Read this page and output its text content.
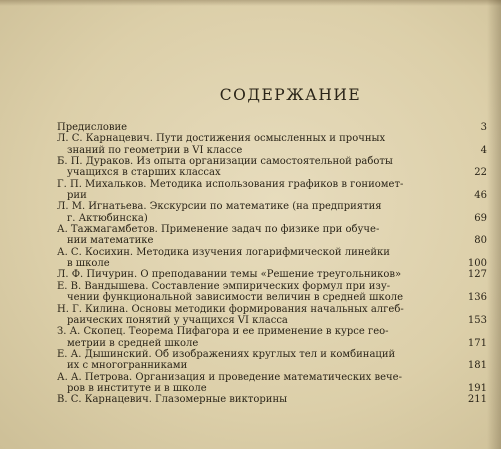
СОДЕРЖАНИЕ
Предисловие	3
Л. С. Карнацевич. Пути достижения осмысленных и прочных
знаний по геометрии в VI классе	4
Б. П. Дураков. Из опыта организации самостоятельной работы
учащихся в старших классах	22
Г. П. Михальков. Методика использования графиков в гониомет-
рии	46
Л. М. Игнатьева. Экскурсии по математике (на предприятия
г. Актюбинска)	69
А. Тажмагамбетов. Применение задач по физике при обуче-
нии математике	80
А. С. Косихин. Методика изучения логарифмической линейки
в школе	100
Л. Ф. Пичурин. О преподавании темы «Решение треугольников»	127
Е. В. Вандышева. Составление эмпирических формул при изу-
чении функциональной зависимости величин в средней школе	136
Н. Г. Килина. Основы методики формирования начальных алгеб-
раических понятий у учащихся VI класса	153
З. А. Скопец. Теорема Пифагора и ее применение в курсе гео-
метрии в средней школе	171
Е. А. Дышинский. Об изображениях круглых тел и комбинаций
их с многогранниками	181
А. А. Петрова. Организация и проведение математических вече-
ров в институте и в школе	191
В. С. Карнацевич. Глазомерные викторины	211
